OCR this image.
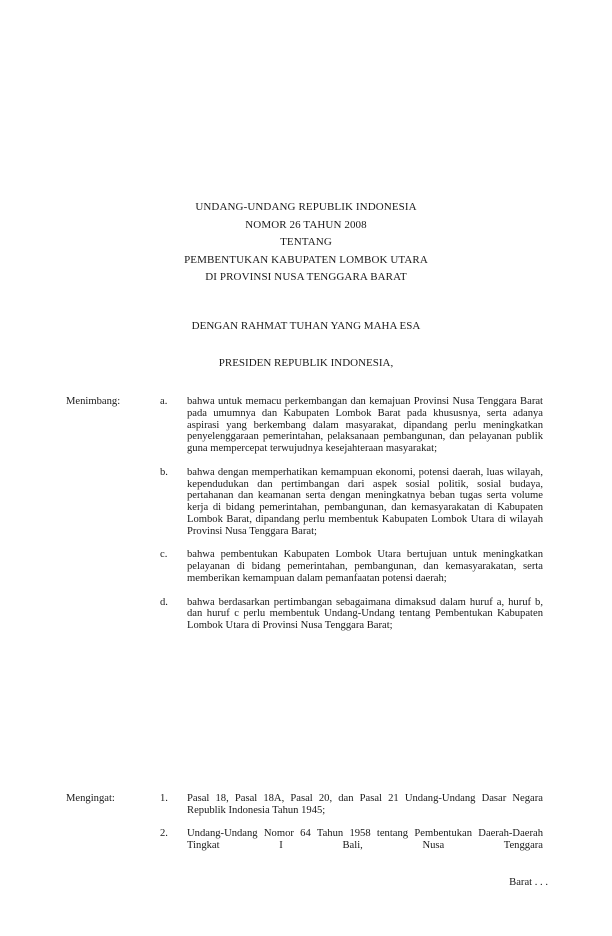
UNDANG-UNDANG REPUBLIK INDONESIA
NOMOR 26 TAHUN 2008
TENTANG
PEMBENTUKAN KABUPATEN LOMBOK UTARA
DI PROVINSI NUSA TENGGARA BARAT
DENGAN RAHMAT TUHAN YANG MAHA ESA
PRESIDEN REPUBLIK INDONESIA,
Menimbang:	a. bahwa untuk memacu perkembangan dan kemajuan Provinsi Nusa Tenggara Barat pada umumnya dan Kabupaten Lombok Barat pada khususnya, serta adanya aspirasi yang berkembang dalam masyarakat, dipandang perlu meningkatkan penyelenggaraan pemerintahan, pelaksanaan pembangunan, dan pelayanan publik guna mempercepat terwujudnya kesejahteraan masyarakat;
b. bahwa dengan memperhatikan kemampuan ekonomi, potensi daerah, luas wilayah, kependudukan dan pertimbangan dari aspek sosial politik, sosial budaya, pertahanan dan keamanan serta dengan meningkatnya beban tugas serta volume kerja di bidang pemerintahan, pembangunan, dan kemasyarakatan di Kabupaten Lombok Barat, dipandang perlu membentuk Kabupaten Lombok Utara di wilayah Provinsi Nusa Tenggara Barat;
c. bahwa pembentukan Kabupaten Lombok Utara bertujuan untuk meningkatkan pelayanan di bidang pemerintahan, pembangunan, dan kemasyarakatan, serta memberikan kemampuan dalam pemanfaatan potensi daerah;
d. bahwa berdasarkan pertimbangan sebagaimana dimaksud dalam huruf a, huruf b, dan huruf c perlu membentuk Undang-Undang tentang Pembentukan Kabupaten Lombok Utara di Provinsi Nusa Tenggara Barat;
Mengingat:	1. Pasal 18, Pasal 18A, Pasal 20, dan Pasal 21 Undang-Undang Dasar Negara Republik Indonesia Tahun 1945;
2. Undang-Undang Nomor 64 Tahun 1958 tentang Pembentukan Daerah-Daerah Tingkat I Bali, Nusa Tenggara
Barat . . .
